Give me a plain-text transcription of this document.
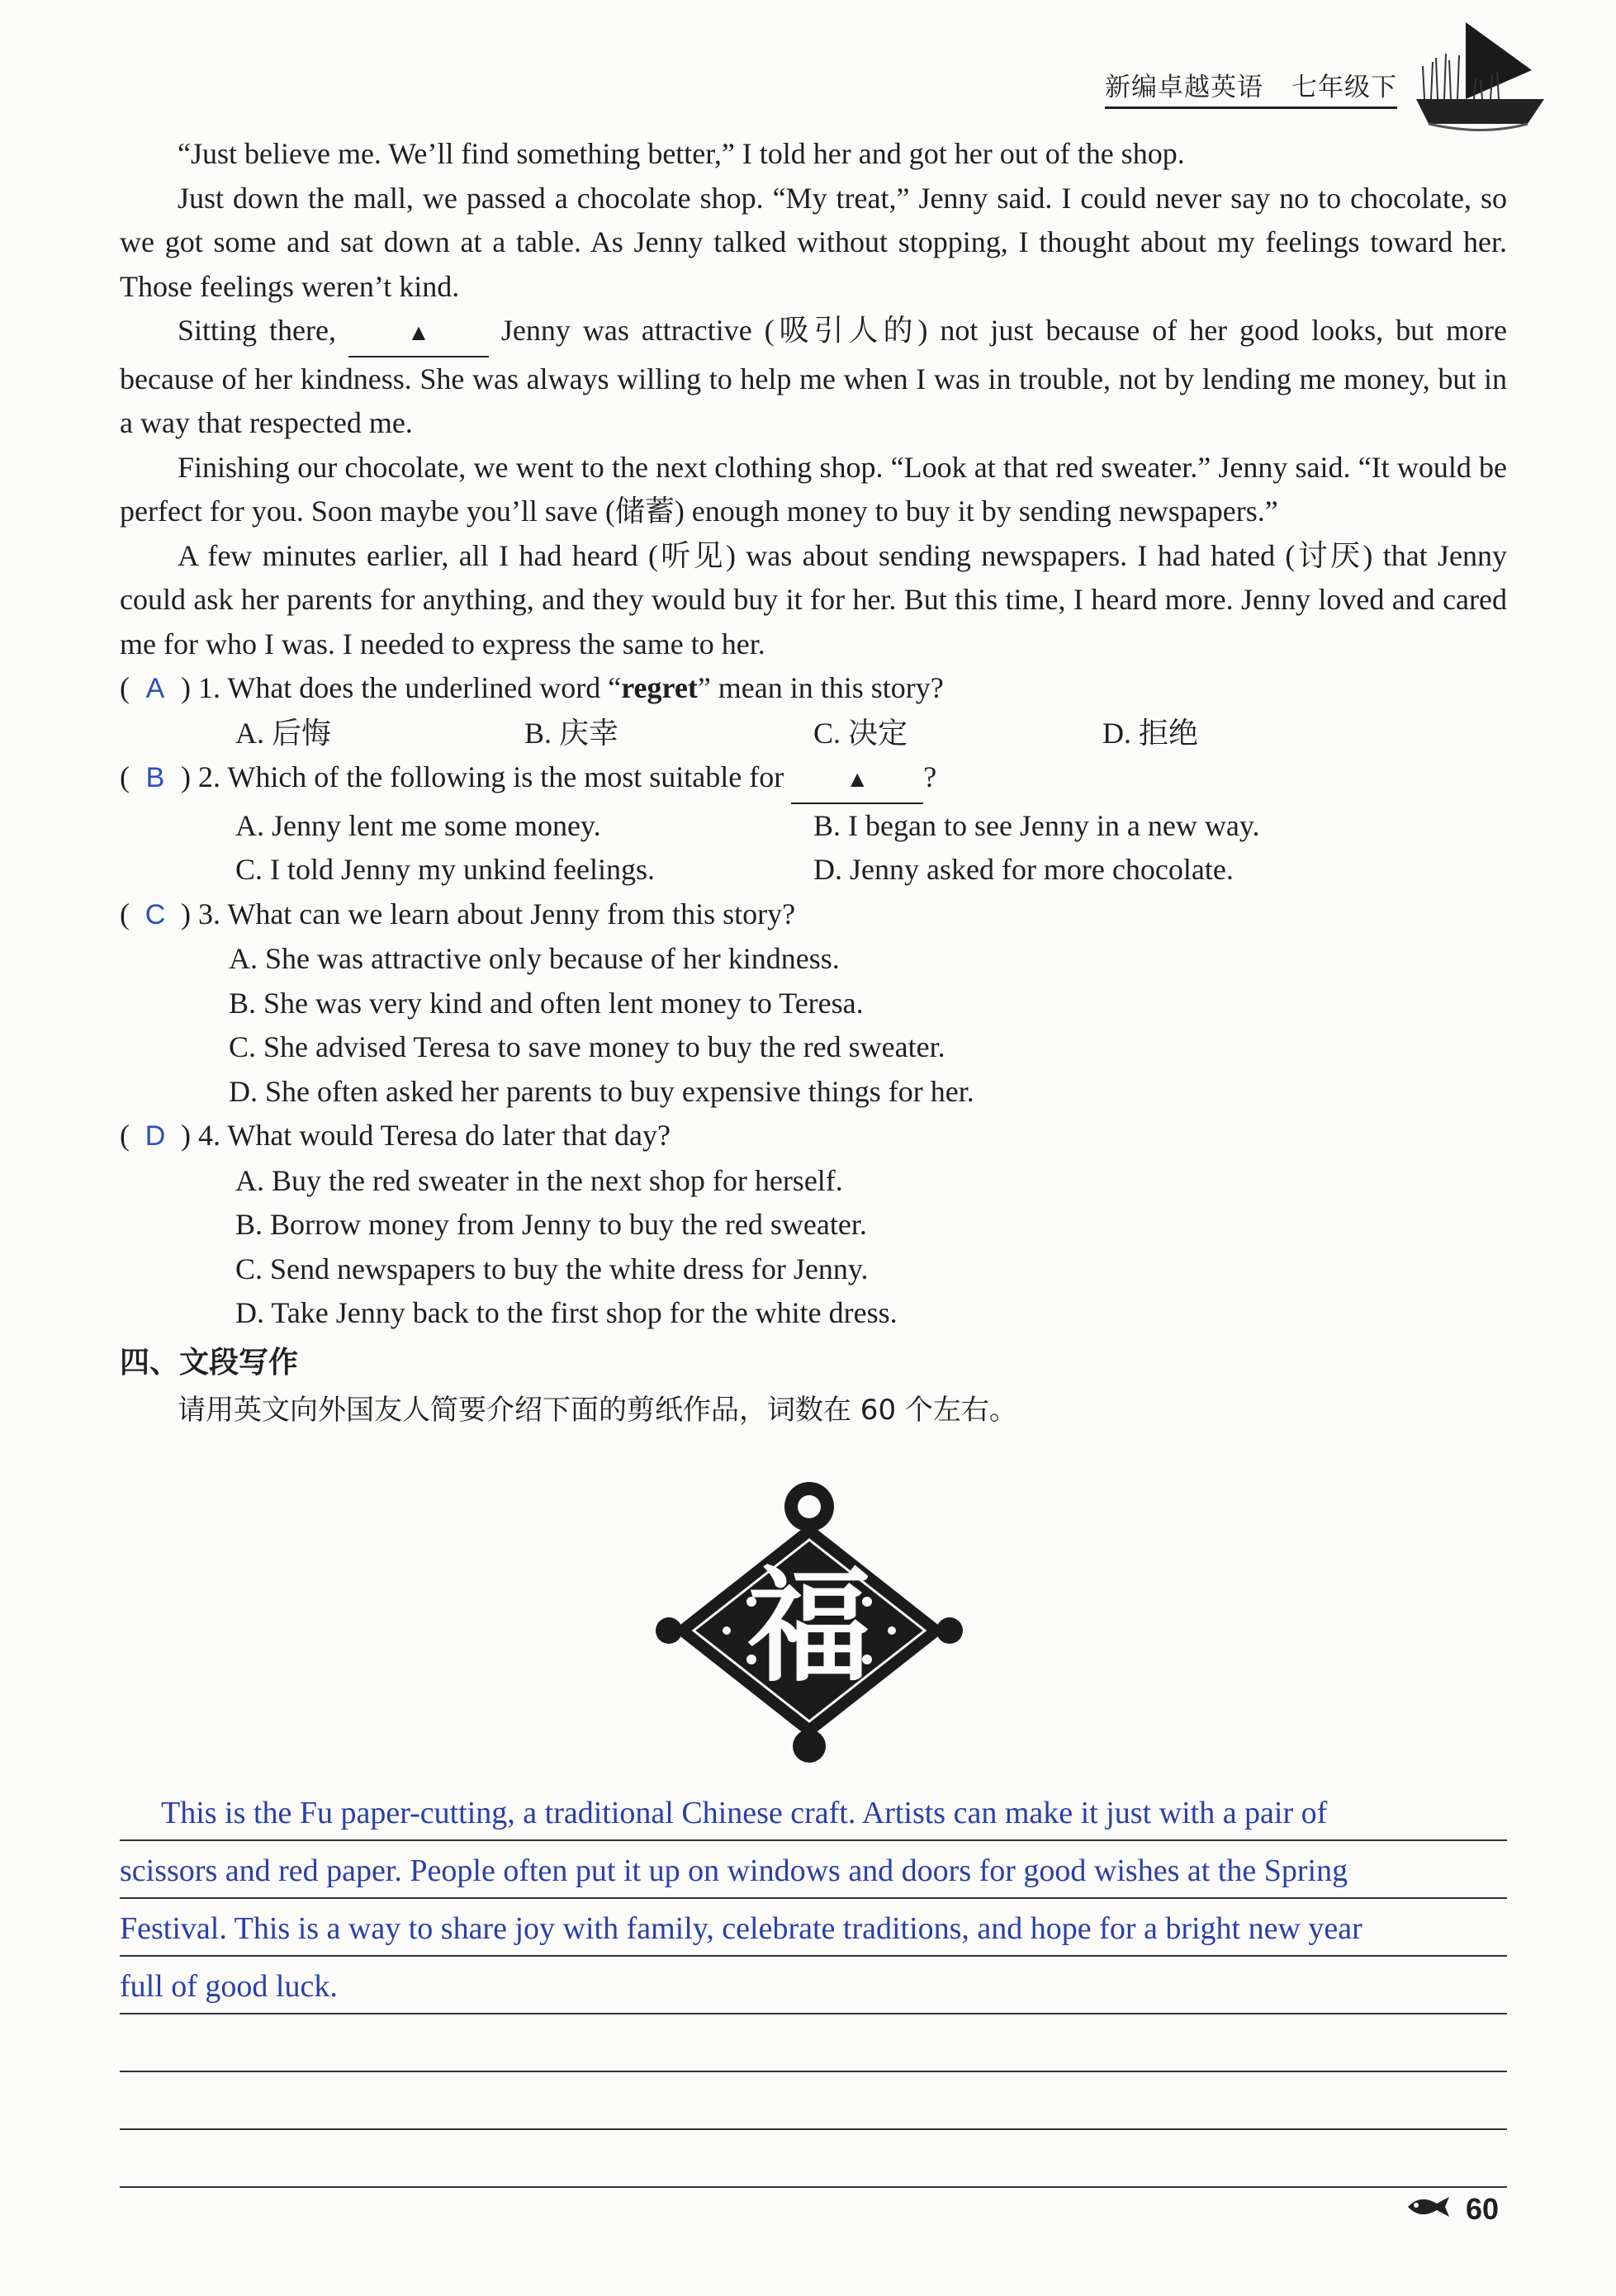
新编卓越英语 七年级下

“Just believe me. We’ll find something better,” I told her and got her out of the shop.

Just down the mall, we passed a chocolate shop. “My treat,” Jenny said. I could never say no to chocolate, so we got some and sat down at a table. As Jenny talked without stopping, I thought about my feelings toward her. Those feelings weren’t kind.

Sitting there,	▲ Jenny was attractive (吸引人的) not just because of her good looks, but more because of her kindness. She was always willing to help me when I was in trouble, not by lending me money, but in a way that respected me.

Finishing our chocolate, we went to the next clothing shop. “Look at that red sweater.” Jenny said. “It would be perfect for you. Soon maybe you’ll save (储蓄) enough money to buy it by sending newspapers.”

A few minutes earlier, all I had heard (听见) was about sending newspapers. I had hated (讨厌) that Jenny could ask her parents for anything, and they would buy it for her. But this time, I heard more. Jenny loved and cared me for who I was. I needed to express the same to her.

( A ) 1. What does the underlined word “regret” mean in this story?
A. 后悔	B. 庆幸	C. 决定	D. 拒绝
( B ) 2. Which of the following is the most suitable for	▲ ?
A. Jenny lent me some money.	B. I began to see Jenny in a new way.
C. I told Jenny my unkind feelings.	D. Jenny asked for more chocolate.
( C ) 3. What can we learn about Jenny from this story?
A. She was attractive only because of her kindness.
B. She was very kind and often lent money to Teresa.
C. She advised Teresa to save money to buy the red sweater.
D. She often asked her parents to buy expensive things for her.
( D ) 4. What would Teresa do later that day?
A. Buy the red sweater in the next shop for herself.
B. Borrow money from Jenny to buy the red sweater.
C. Send newspapers to buy the white dress for Jenny.
D. Take Jenny back to the first shop for the white dress.
四、文段写作
请用英文向外国友人简要介绍下面的剪纸作品，词数在 60 个左右。
福
This is the Fu paper-cutting, a traditional Chinese craft. Artists can make it just with a pair of
scissors and red paper. People often put it up on windows and doors for good wishes at the Spring
Festival. This is a way to share joy with family, celebrate traditions, and hope for a bright new year
full of good luck.
60
